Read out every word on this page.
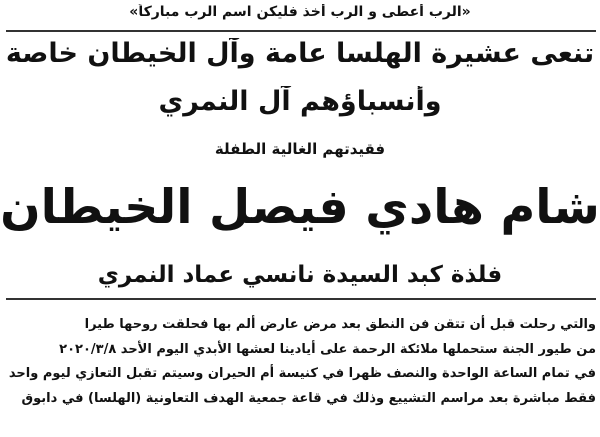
«الرب أعطى و الرب أخذ فليكن اسم الرب مباركاً»
تنعى عشيرة الهلسا عامة وآل الخيطان خاصة
وأنسباؤهم آل النمري
فقيدتهم الغالية الطفلة
شام هادي فيصل الخيطان
فلذة كبد السيدة نانسي عماد النمري

والتي رحلت قبل أن تتقن فن النطق بعد مرض عارض ألم بها فحلقت روحها طيرا

من طيور الجنة ستحملها ملائكة الرحمة على أيادينا لعشها الأبدي اليوم الأحد ٢٠٢٠/٣/٨

في تمام الساعة الواحدة والنصف ظهرا في كنيسة أم الحيران وسيتم تقبل التعازي ليوم واحد

فقط مباشرة بعد مراسم التشييع وذلك في قاعة جمعية الهدف التعاونية (الهلسا) في دابوق
